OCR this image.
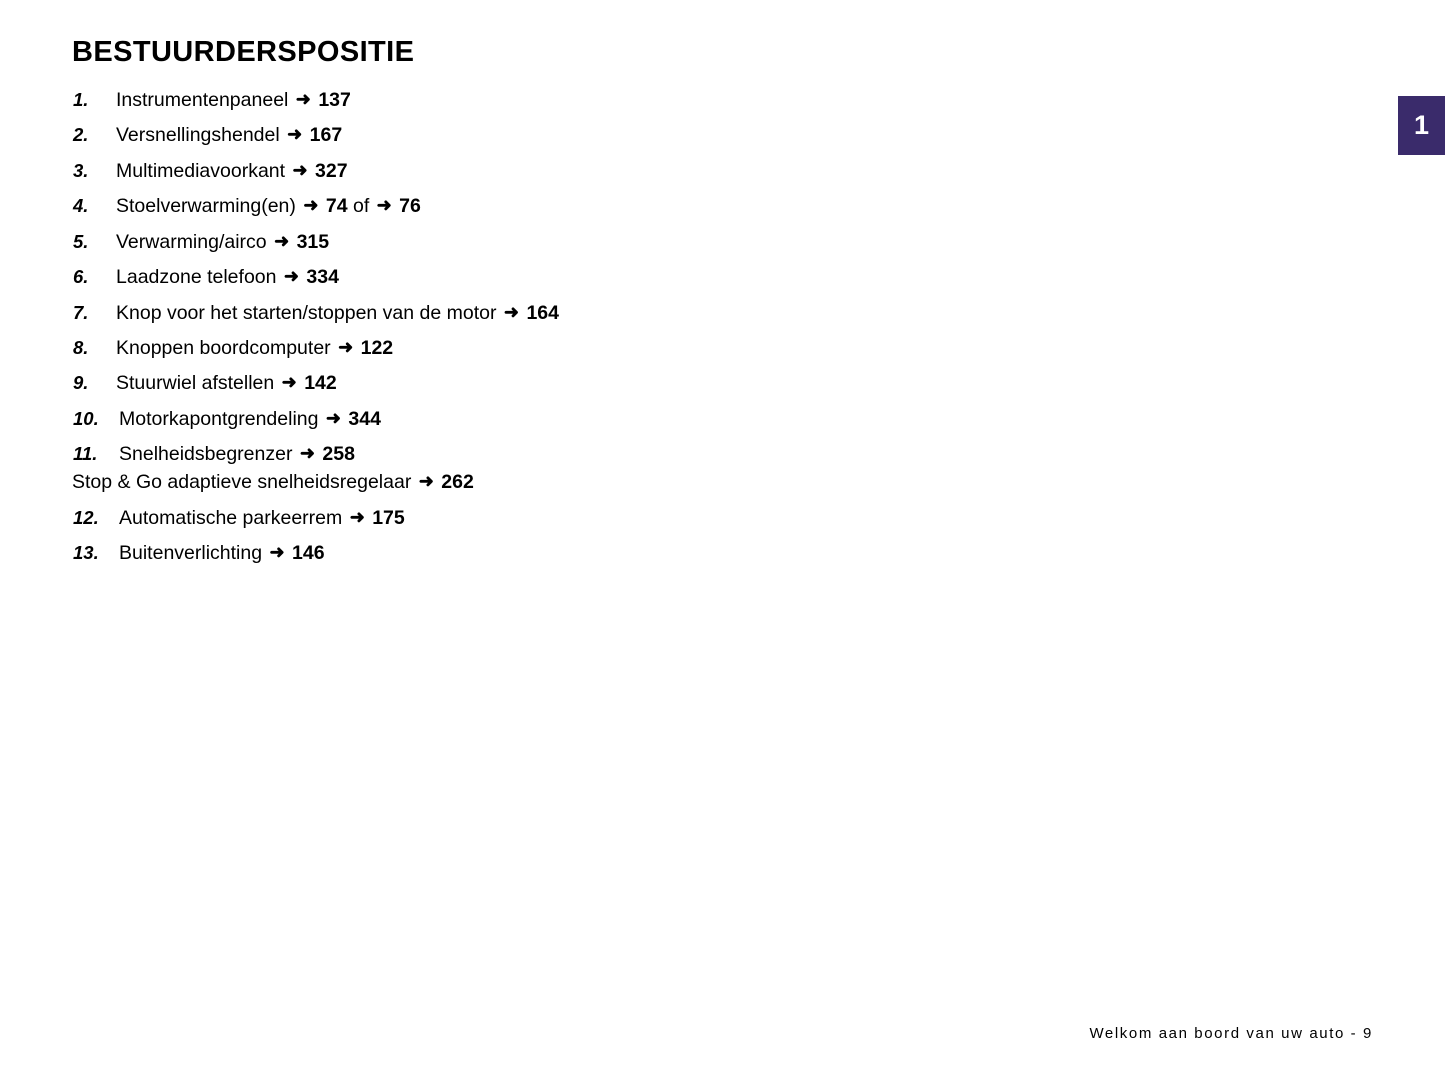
1
BESTUURDERSPOSITIE
1.	Instrumentenpaneel ➜ 137
2.	Versnellingshendel ➜ 167
3.	Multimediavoorkant ➜ 327
4.	Stoelverwarming(en) ➜ 74 of ➜ 76
5.	Verwarming/airco ➜ 315
6.	Laadzone telefoon ➜ 334
7.	Knop voor het starten/stoppen van de motor ➜ 164
8.	Knoppen boordcomputer ➜ 122
9.	Stuurwiel afstellen ➜ 142
10.	Motorkapontgrendeling ➜ 344
11.	Snelheidsbegrenzer ➜ 258
Stop & Go adaptieve snelheidsregelaar ➜ 262
12.	Automatische parkeerrem ➜ 175
13.	Buitenverlichting ➜ 146
Welkom aan boord van uw auto - 9
